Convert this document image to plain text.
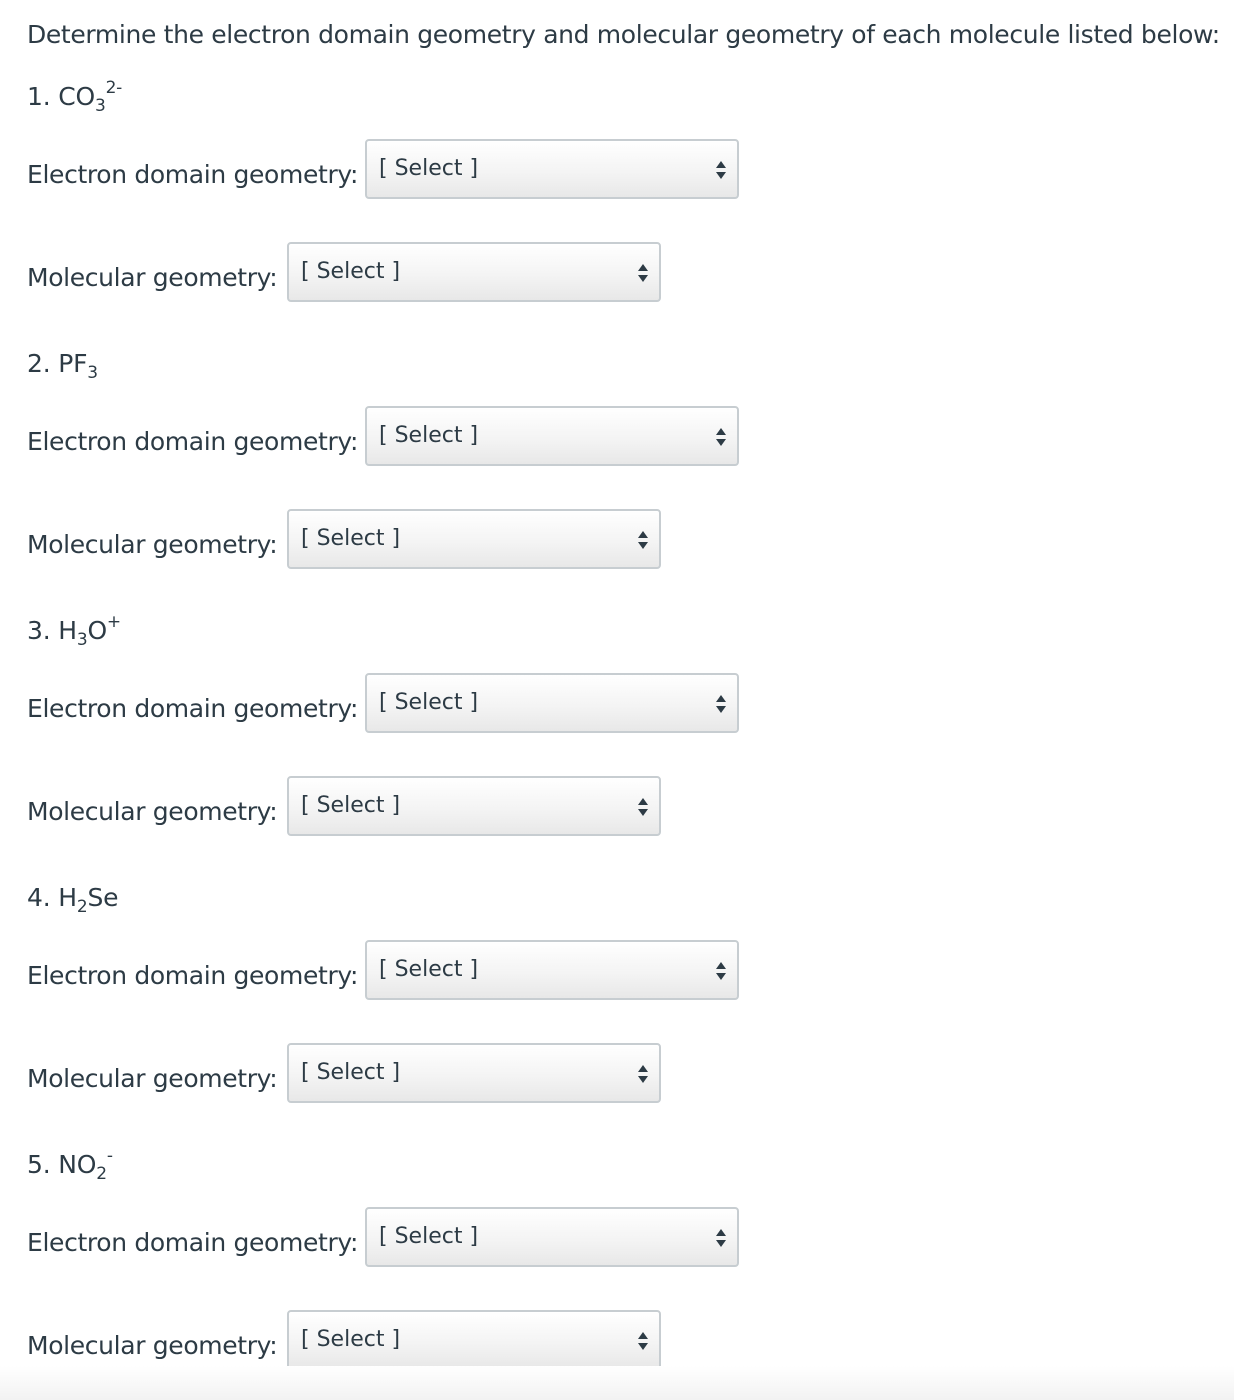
Determine the electron domain geometry and molecular geometry of each molecule listed below:
1. $CO_3^{2-}$
Electron domain geometry: [ Select ]
Molecular geometry: [ Select ]
2. $PF_3$
Electron domain geometry: [ Select ]
Molecular geometry: [ Select ]
3. $H_3O^+$
Electron domain geometry: [ Select ]
Molecular geometry: [ Select ]
4. $H_2Se$
Electron domain geometry: [ Select ]
Molecular geometry: [ Select ]
5. $NO_2^-$
Electron domain geometry: [ Select ]
Molecular geometry: [ Select ]
